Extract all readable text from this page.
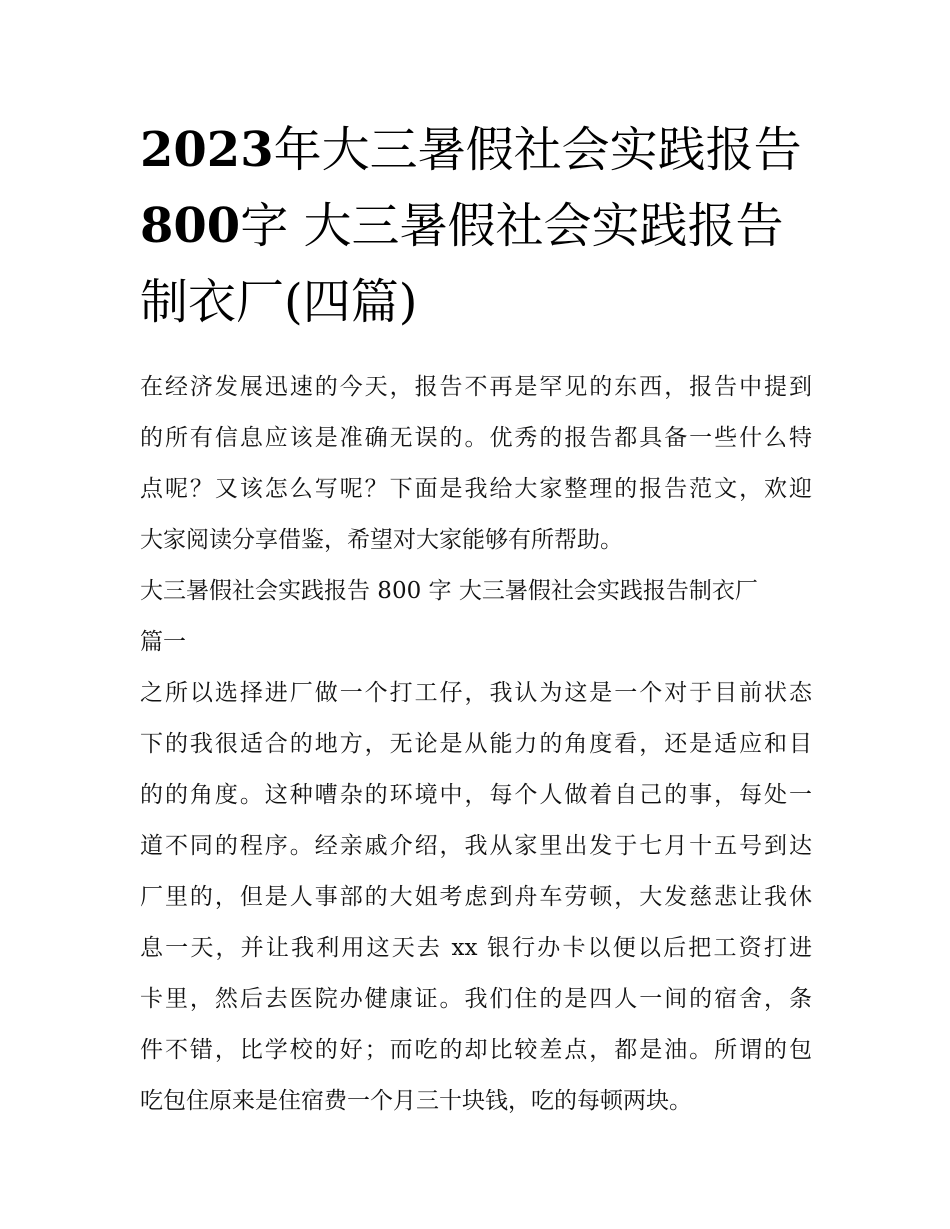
2023年大三暑假社会实践报告
800字 大三暑假社会实践报告
制衣厂(四篇)
在经济发展迅速的今天，报告不再是罕见的东西，报告中提到
的所有信息应该是准确无误的。优秀的报告都具备一些什么特
点呢？又该怎么写呢？下面是我给大家整理的报告范文，欢迎
大家阅读分享借鉴，希望对大家能够有所帮助。
大三暑假社会实践报告 800 字 大三暑假社会实践报告制衣厂
篇一
之所以选择进厂做一个打工仔，我认为这是一个对于目前状态
下的我很适合的地方，无论是从能力的角度看，还是适应和目
的的角度。这种嘈杂的环境中，每个人做着自己的事，每处一
道不同的程序。经亲戚介绍，我从家里出发于七月十五号到达
厂里的，但是人事部的大姐考虑到舟车劳顿，大发慈悲让我休
息一天，并让我利用这天去 xx 银行办卡以便以后把工资打进
卡里，然后去医院办健康证。我们住的是四人一间的宿舍，条
件不错，比学校的好；而吃的却比较差点，都是油。所谓的包
吃包住原来是住宿费一个月三十块钱，吃的每顿两块。
